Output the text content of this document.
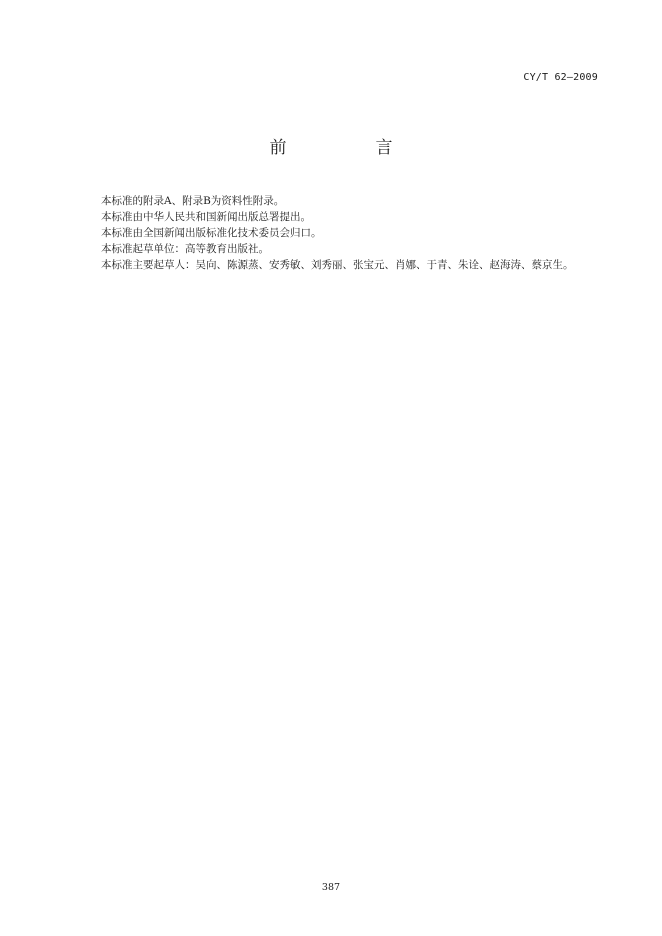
CY/T 62—2009
前　言

本标准的附录A、附录B为资料性附录。

本标准由中华人民共和国新闻出版总署提出。

本标准由全国新闻出版标准化技术委员会归口。

本标准起草单位：高等教育出版社。

本标准主要起草人：吴向、陈源蒸、安秀敏、刘秀丽、张宝元、肖娜、于青、朱诠、赵海涛、蔡京生。

387
